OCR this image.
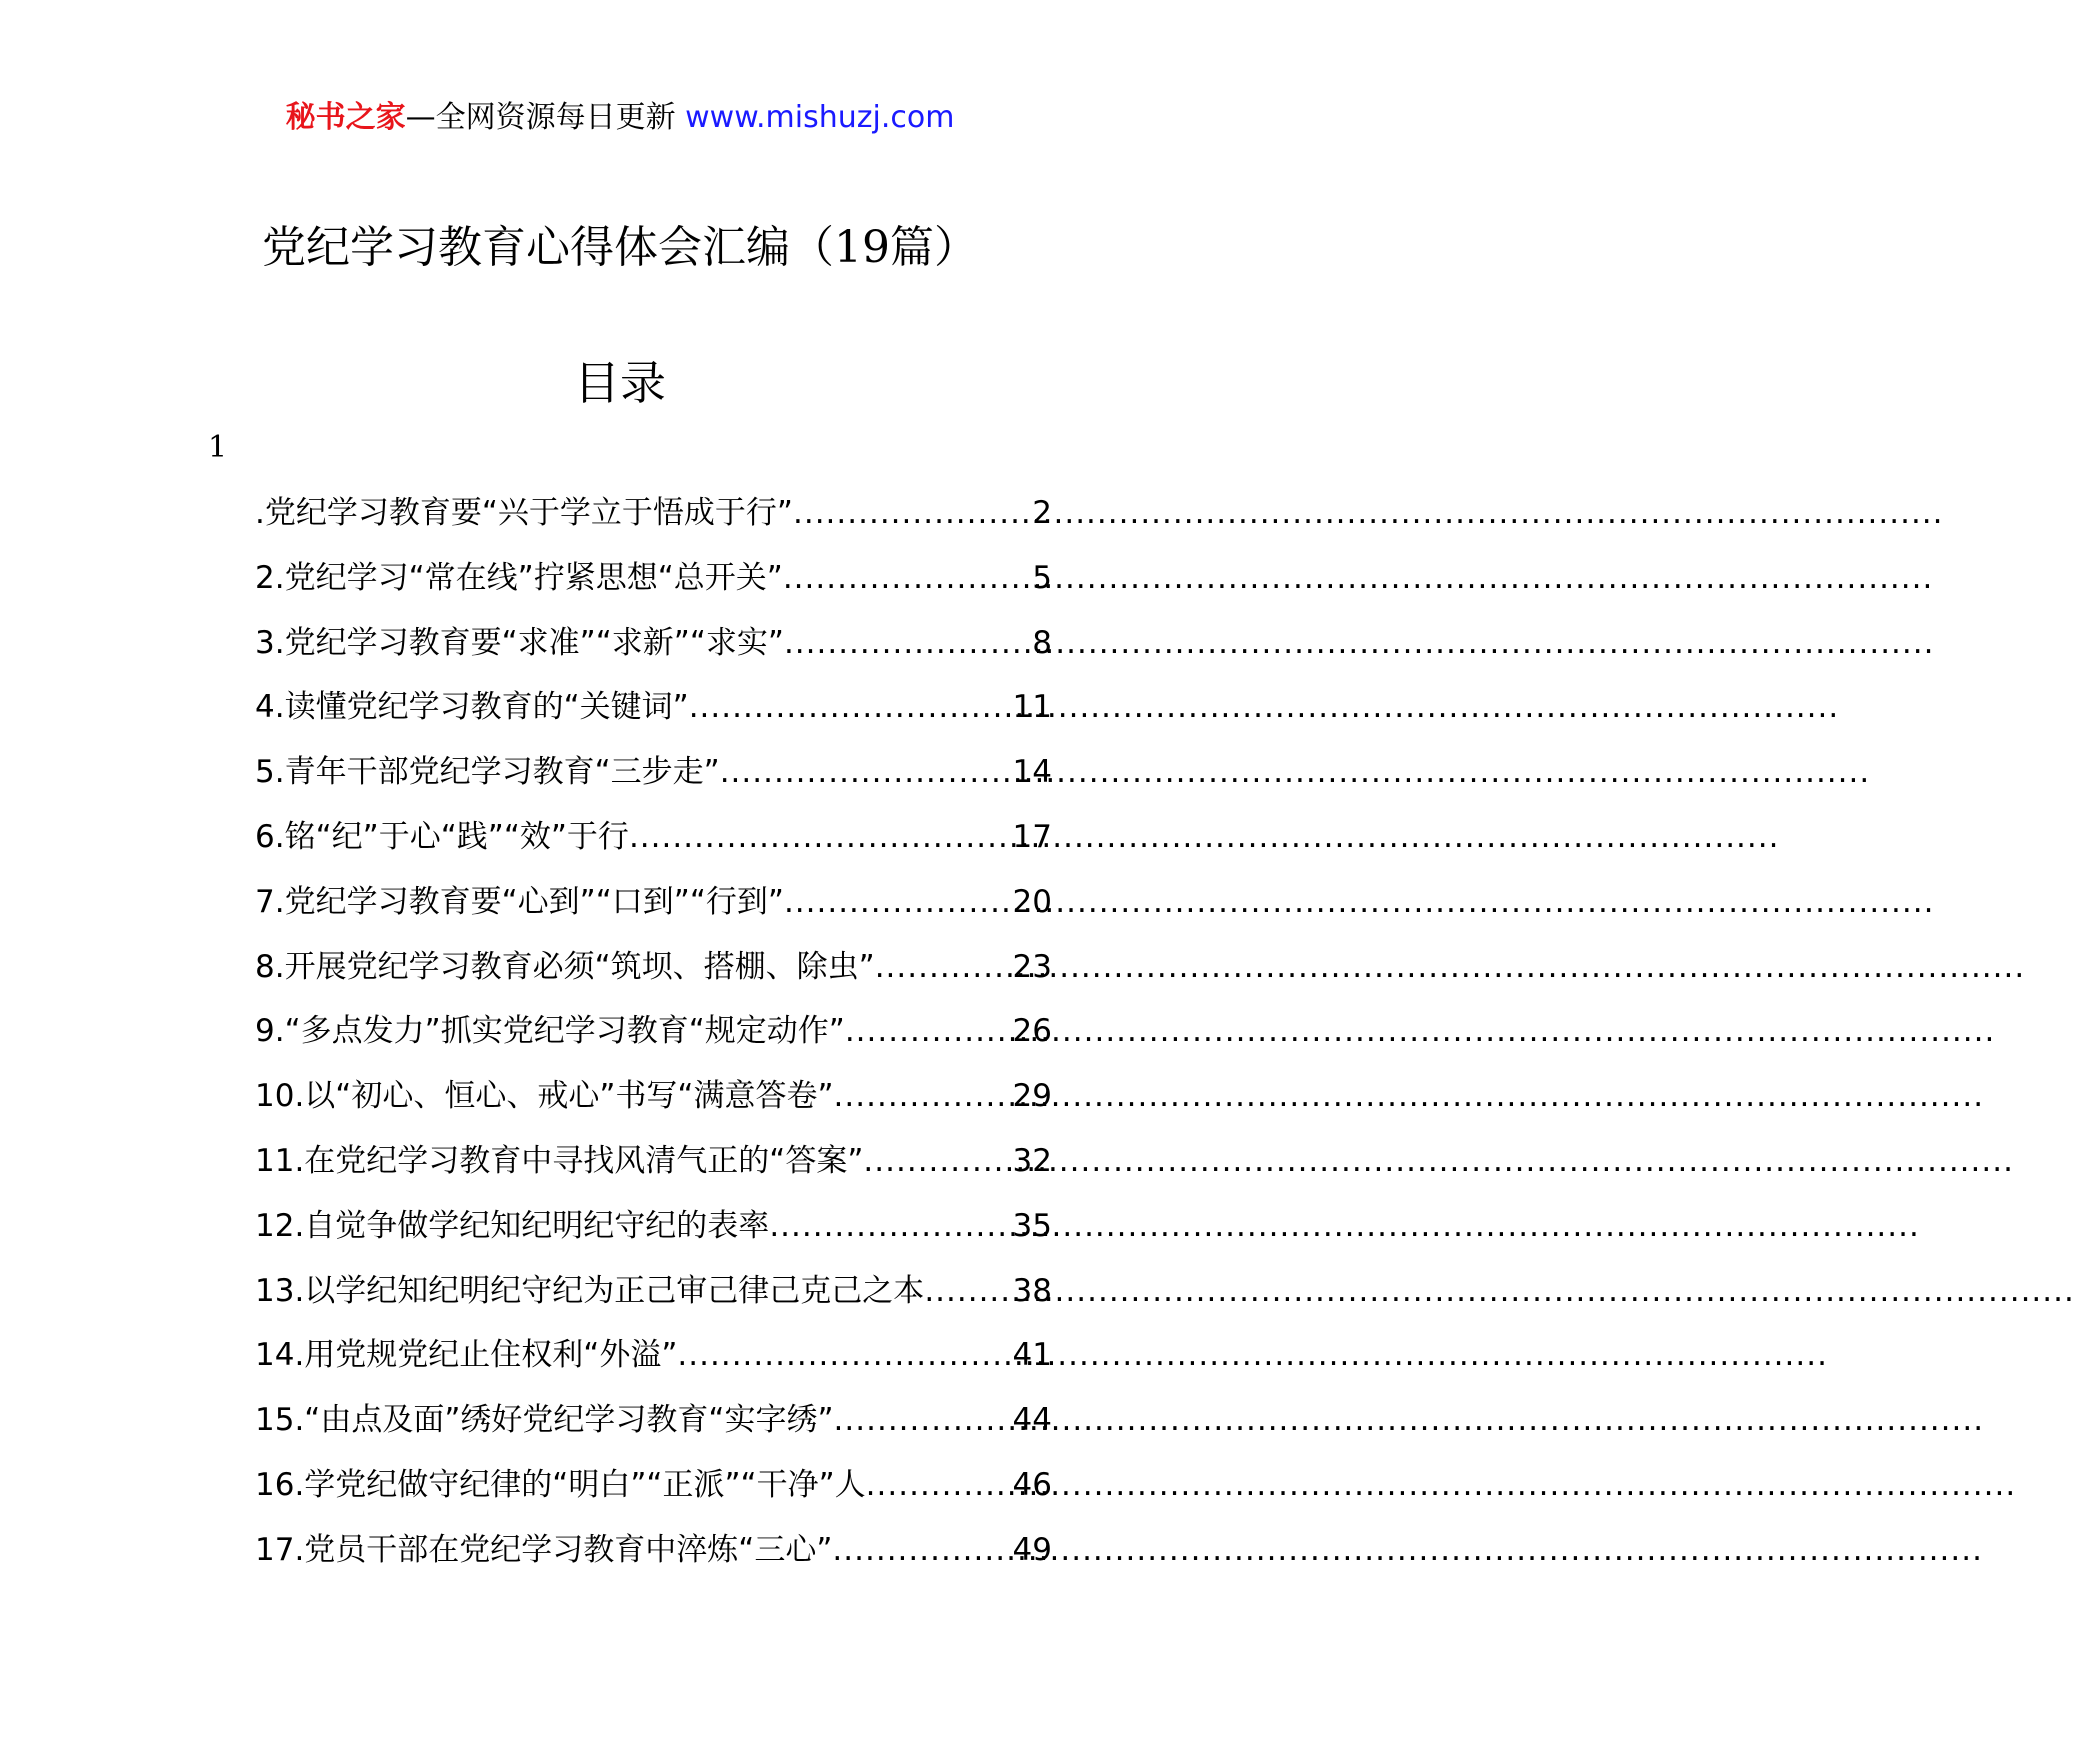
秘书之家—全网资源每日更新 www.mishuzj.com
党纪学习教育心得体会汇编（19篇）
目录
1
.党纪学习教育要“兴于学立于悟成于行” .....	2
2.党纪学习“常在线”拧紧思想“总开关” .....	5
3.党纪学习教育要“求准”“求新”“求实” .....	8
4.读懂党纪学习教育的“关键词” .....	11
5.青年干部党纪学习教育“三步走” .....	14
6.铭“纪”于心“践”“效”于行 .....	17
7.党纪学习教育要“心到”“口到”“行到” .....	20
8.开展党纪学习教育必须“筑坝、搭棚、除虫” .....	23
9.“多点发力”抓实党纪学习教育“规定动作” .....	26
10.以“初心、恒心、戒心”书写“满意答卷” .....	29
11.在党纪学习教育中寻找风清气正的“答案” .....	32
12.自觉争做学纪知纪明纪守纪的表率 .....	35
13.以学纪知纪明纪守纪为正己审己律己克己之本 .....	38
14.用党规党纪止住权利“外溢” .....	41
15.“由点及面”绣好党纪学习教育“实字绣” .....	44
16.学党纪做守纪律的“明白”“正派”“干净”人 .....	46
17.党员干部在党纪学习教育中淬炼“三心” .....	49
